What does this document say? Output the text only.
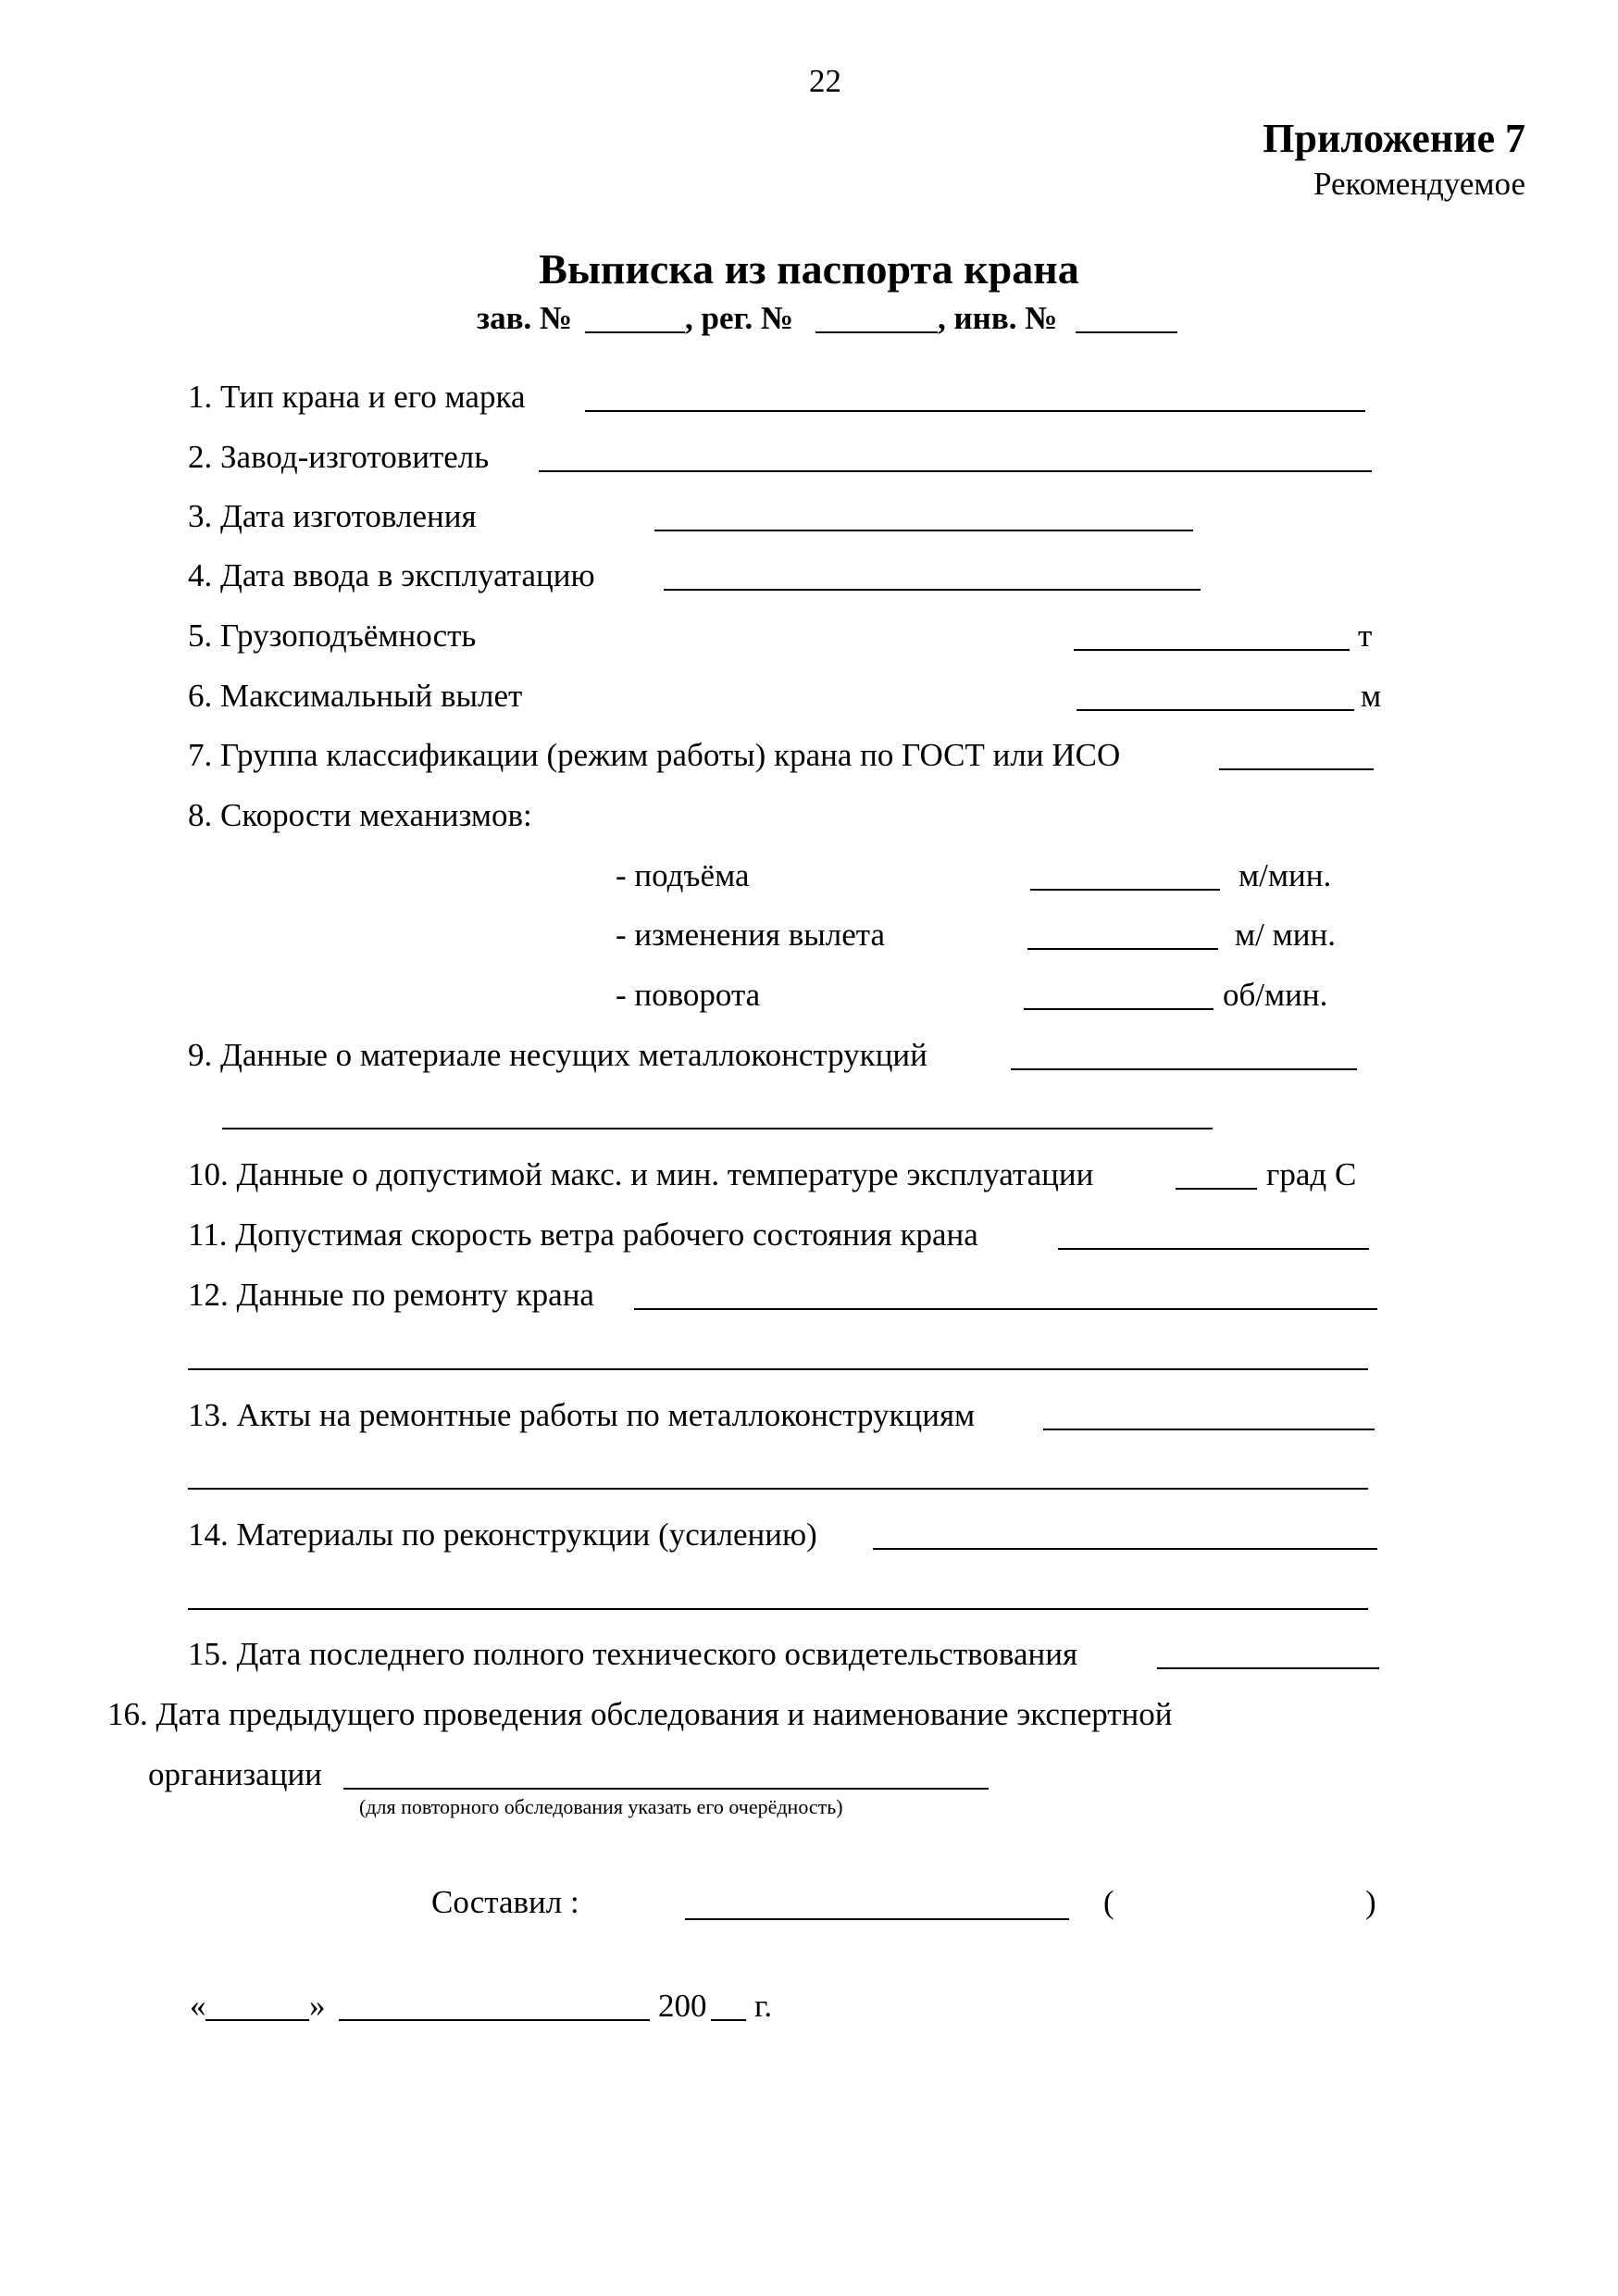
22
Приложение 7
Рекомендуемое
Выписка из паспорта крана
зав. №	, рег. №	, инв. №
1. Тип крана и его марка
2. Завод-изготовитель
3. Дата изготовления
4. Дата ввода в эксплуатацию
5. Грузоподъёмность	т
6. Максимальный вылет	м
7. Группа классификации (режим работы) крана по ГОСТ или ИСО
8. Скорости механизмов:
- подъёма	м/мин.
- изменения вылета	м/ мин.
- поворота	об/мин.
9. Данные о материале несущих металлоконструкций
10. Данные о допустимой макс. и мин. температуре эксплуатации	град С
11. Допустимая скорость ветра рабочего состояния крана
12. Данные по ремонту крана
13. Акты на ремонтные работы по металлоконструкциям
14. Материалы по реконструкции (усилению)
15. Дата последнего полного технического освидетельствования
16. Дата предыдущего проведения обследования и наименование экспертной
организации
(для повторного обследования указать его очерёдность)
Составил :	(	)
«	»	200 г.
